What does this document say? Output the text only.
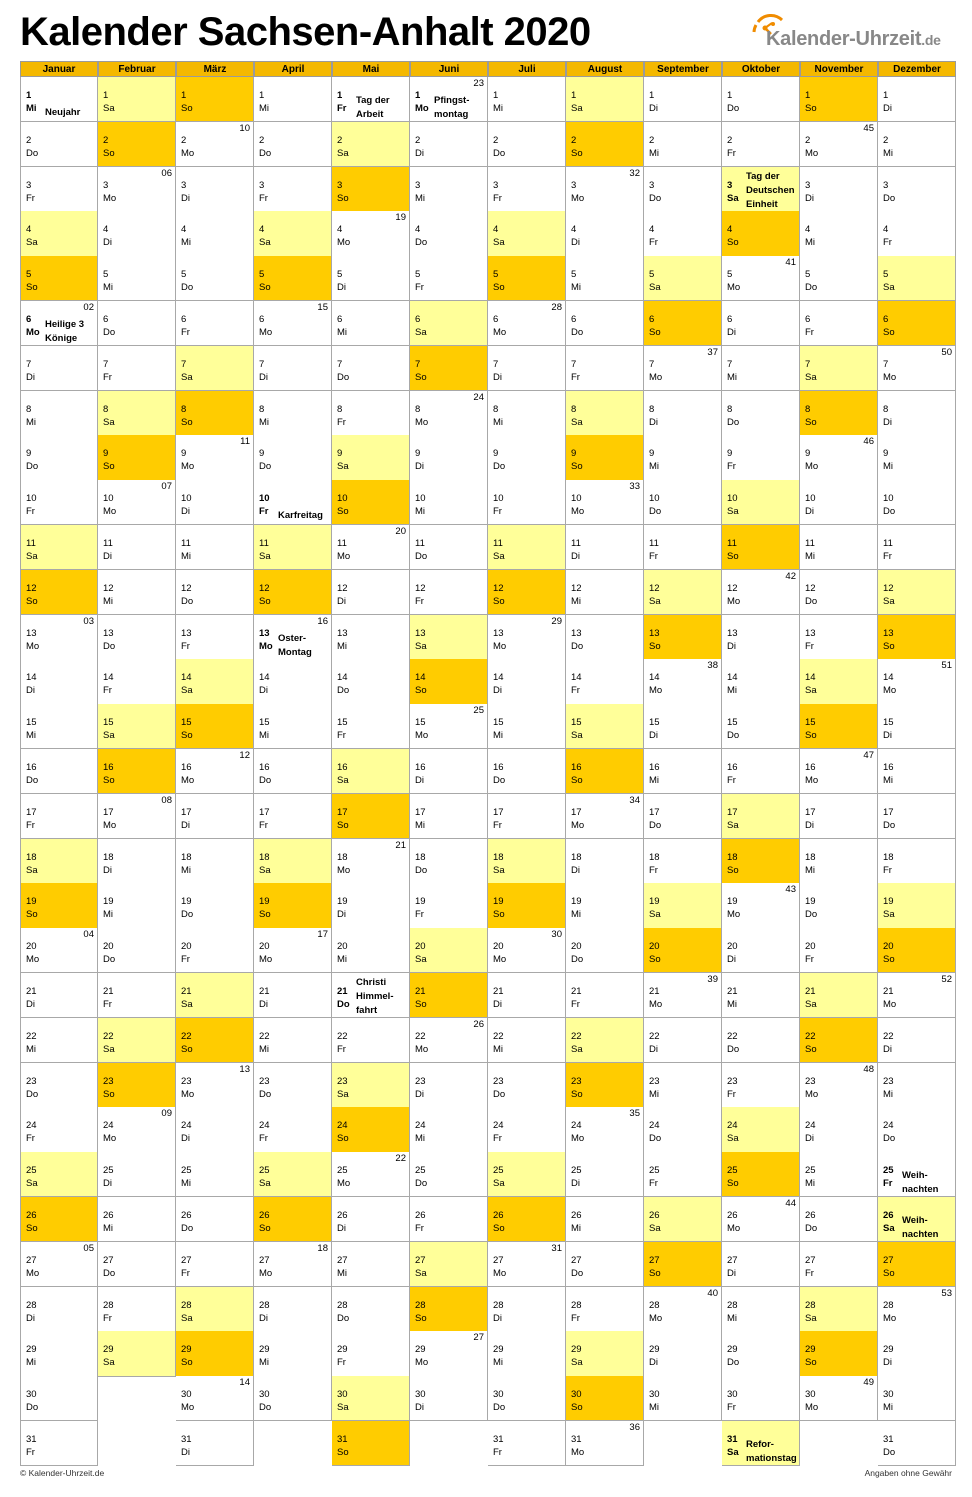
Kalender Sachsen-Anhalt 2020	Kalender-Uhrzeit.de
Januar
1
Mi Neujahr
2
Do
3
Fr
4
Sa
5
So
6
Mo
02
Heilige 3
Könige
7
Di
8
Mi
9
Do
10
Fr
11
Sa
12
So
13
Mo
03
14
Di
15
Mi
16
Do
17
Fr
18
Sa
19
So
20
Mo
04
21
Di
22
Mi
23
Do
24
Fr
25
Sa
26
So
27
Mo
05
28
Di
29
Mi
30
Do
31
Fr
Februar
1
Sa
2
So
3
Mo
06
4
Di
5
Mi
6
Do
7
Fr
8
Sa
9
So
10
Mo
07
11
Di
12
Mi
13
Do
14
Fr
15
Sa
16
So
17
Mo
08
18
Di
19
Mi
20
Do
21
Fr
22
Sa
23
So
24
Mo
09
25
Di
26
Mi
27
Do
28
Fr
29
Sa
März
1
So
2
Mo
10
3
Di
4
Mi
5
Do
6
Fr
7
Sa
8
So
9
Mo
11
10
Di
11
Mi
12
Do
13
Fr
14
Sa
15
So
16
Mo
12
17
Di
18
Mi
19
Do
20
Fr
21
Sa
22
So
23
Mo
13
24
Di
25
Mi
26
Do
27
Fr
28
Sa
29
So
30
Mo
14
31
Di
April
1
Mi
2
Do
3
Fr
4
Sa
5
So
6
Mo
15
7
Di
8
Mi
9
Do
10
Fr Karfreitag
11
Sa
12
So
13
Mo
16
Oster-
Montag
14
Di
15
Mi
16
Do
17
Fr
18
Sa
19
So
20
Mo
17
21
Di
22
Mi
23
Do
24
Fr
25
Sa
26
So
27
Mo
18
28
Di
29
Mi
30
Do
Mai
1
Fr
Tag der
Arbeit
2
Sa
3
So
4
Mo
19
5
Di
6
Mi
7
Do
8
Fr
9
Sa
10
So
11
Mo
20
12
Di
13
Mi
14
Do
15
Fr
16
Sa
17
So
18
Mo
21
19
Di
20
Mi
21
Do
Christi
Himmel-
fahrt
22
Fr
23
Sa
24
So
25
Mo
22
26
Di
27
Mi
28
Do
29
Fr
30
Sa
31
So
Juni
1
Mo
23
Pfingst-
montag
2
Di
3
Mi
4
Do
5
Fr
6
Sa
7
So
8
Mo
24
9
Di
10
Mi
11
Do
12
Fr
13
Sa
14
So
15
Mo
25
16
Di
17
Mi
18
Do
19
Fr
20
Sa
21
So
22
Mo
26
23
Di
24
Mi
25
Do
26
Fr
27
Sa
28
So
29
Mo
27
30
Di
Juli
1
Mi
2
Do
3
Fr
4
Sa
5
So
6
Mo
28
7
Di
8
Mi
9
Do
10
Fr
11
Sa
12
So
13
Mo
29
14
Di
15
Mi
16
Do
17
Fr
18
Sa
19
So
20
Mo
30
21
Di
22
Mi
23
Do
24
Fr
25
Sa
26
So
27
Mo
31
28
Di
29
Mi
30
Do
31
Fr
August
1
Sa
2
So
3
Mo
32
4
Di
5
Mi
6
Do
7
Fr
8
Sa
9
So
10
Mo
33
11
Di
12
Mi
13
Do
14
Fr
15
Sa
16
So
17
Mo
34
18
Di
19
Mi
20
Do
21
Fr
22
Sa
23
So
24
Mo
35
25
Di
26
Mi
27
Do
28
Fr
29
Sa
30
So
31
Mo
36
September
1
Di
2
Mi
3
Do
4
Fr
5
Sa
6
So
7
Mo
37
8
Di
9
Mi
10
Do
11
Fr
12
Sa
13
So
14
Mo
38
15
Di
16
Mi
17
Do
18
Fr
19
Sa
20
So
21
Mo
39
22
Di
23
Mi
24
Do
25
Fr
26
Sa
27
So
28
Mo
40
29
Di
30
Mi
Oktober
1
Do
2
Fr
3
Sa
Tag der
Deutschen
Einheit
4
So
5
Mo
41
6
Di
7
Mi
8
Do
9
Fr
10
Sa
11
So
12
Mo
42
13
Di
14
Mi
15
Do
16
Fr
17
Sa
18
So
19
Mo
43
20
Di
21
Mi
22
Do
23
Fr
24
Sa
25
So
26
Mo
44
27
Di
28
Mi
29
Do
30
Fr
31
Sa
Refor-
mationstag
November
1
So
2
Mo
45
3
Di
4
Mi
5
Do
6
Fr
7
Sa
8
So
9
Mo
46
10
Di
11
Mi
12
Do
13
Fr
14
Sa
15
So
16
Mo
47
17
Di
18
Mi
19
Do
20
Fr
21
Sa
22
So
23
Mo
48
24
Di
25
Mi
26
Do
27
Fr
28
Sa
29
So
30
Mo
49
Dezember
1
Di
2
Mi
3
Do
4
Fr
5
Sa
6
So
7
Mo
50
8
Di
9
Mi
10
Do
11
Fr
12
Sa
13
So
14
Mo
51
15
Di
16
Mi
17
Do
18
Fr
19
Sa
20
So
21
Mo
52
22
Di
23
Mi
24
Do
25
Fr
Weih-
nachten
26
Sa
Weih-
nachten
27
So
28
Mo
53
29
Di
30
Mi
31
Do
© Kalender-Uhrzeit.de	Angaben ohne Gewähr
